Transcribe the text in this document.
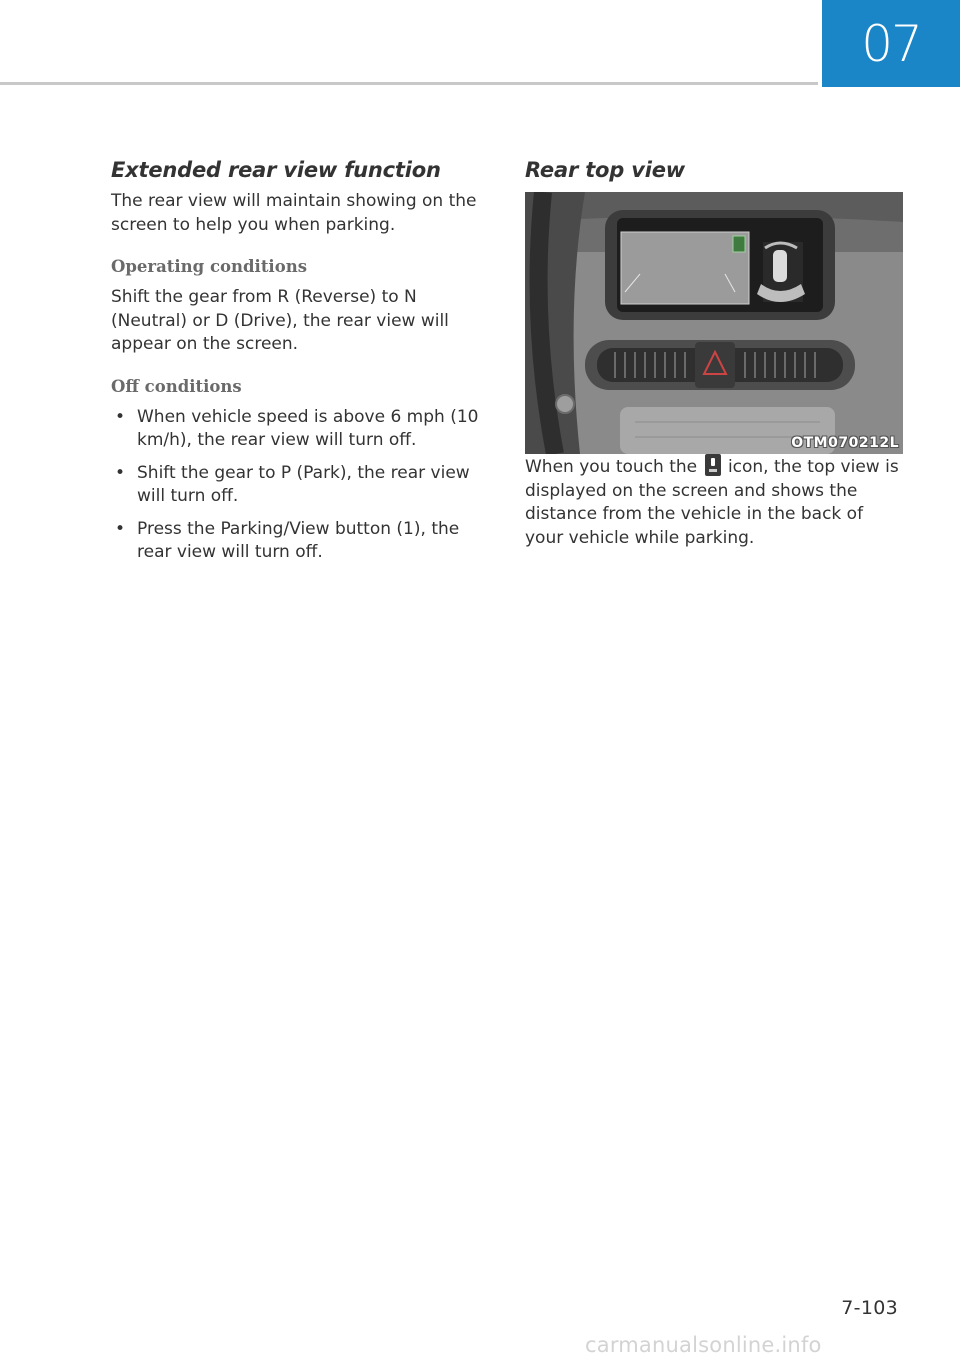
07
Extended rear view function

The rear view will maintain showing on the screen to help you when parking.

Operating conditions

Shift the gear from R (Reverse) to N (Neutral) or D (Drive), the rear view will appear on the screen.

Off conditions
• When vehicle speed is above 6 mph (10 km/h), the rear view will turn off.
• Shift the gear to P (Park), the rear view will turn off.
• Press the Parking/View button (1), the rear view will turn off.
Rear top view
OTM070212L

When you touch the icon, the top view is displayed on the screen and shows the distance from the vehicle in the back of your vehicle while parking.

7-103
carmanualsonline.info
